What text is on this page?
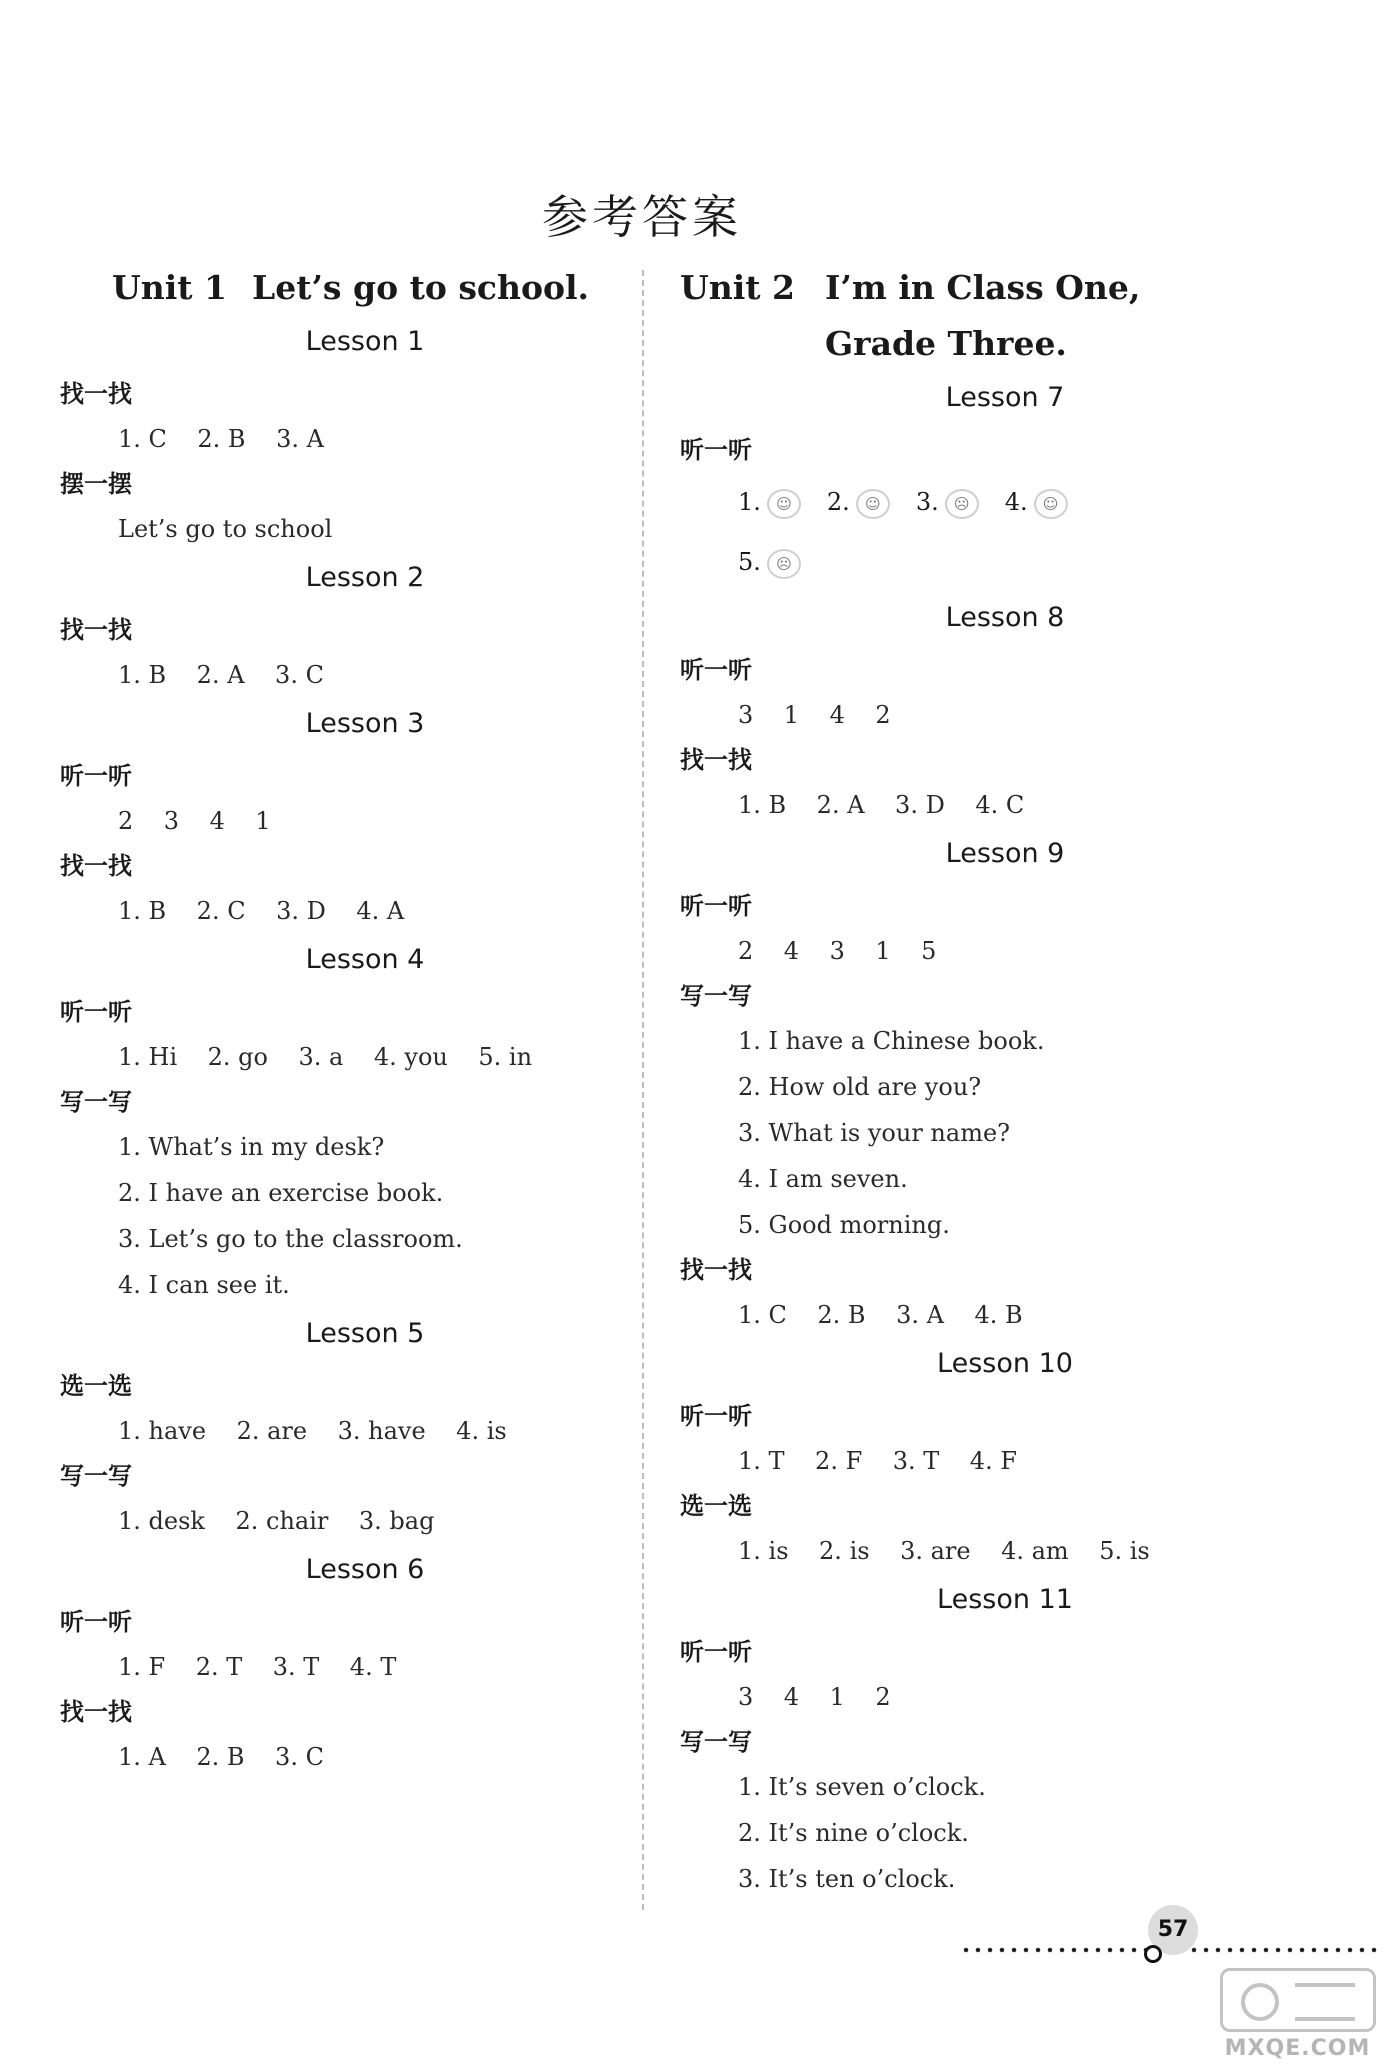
参考答案
Unit 1 Let’s go to school.
Lesson 1
找一找
1. C    2. B    3. A
摆一摆
Let’s go to school
Lesson 2
找一找
1. B    2. A    3. C
Lesson 3
听一听
2    3    4    1
找一找
1. B    2. C    3. D    4. A
Lesson 4
听一听
1. Hi    2. go    3. a    4. you    5. in
写一写
1. What’s in my desk?
2. I have an exercise book.
3. Let’s go to the classroom.
4. I can see it.
Lesson 5
选一选
1. have    2. are    3. have    4. is
写一写
1. desk    2. chair    3. bag
Lesson 6
听一听
1. F    2. T    3. T    4. T
找一找
1. A    2. B    3. C
Unit 2 I’m in Class One,
Grade Three.
Lesson 7
听一听
1. ☺ 2. ☺ 3. ☹ 4. ☺
5. ☹
Lesson 8
听一听
3    1    4    2
找一找
1. B    2. A    3. D    4. C
Lesson 9
听一听
2    4    3    1    5
写一写
1. I have a Chinese book.
2. How old are you?
3. What is your name?
4. I am seven.
5. Good morning.
找一找
1. C    2. B    3. A    4. B
Lesson 10
听一听
1. T    2. F    3. T    4. F
选一选
1. is    2. is    3. are    4. am    5. is
Lesson 11
听一听
3    4    1    2
写一写
1. It’s seven o’clock.
2. It’s nine o’clock.
3. It’s ten o’clock.
57
MXQE.COM
